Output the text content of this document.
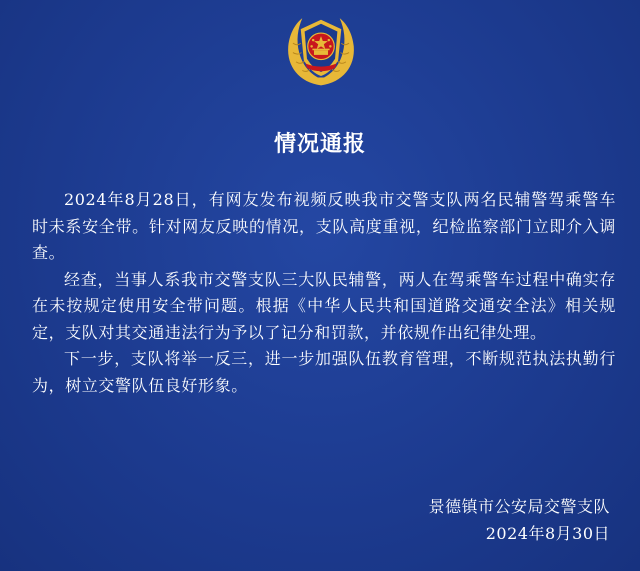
情况通报

2024年8月28日，有网友发布视频反映我市交警支队两名民辅警驾乘警车时未系安全带。针对网友反映的情况，支队高度重视，纪检监察部门立即介入调查。

经查，当事人系我市交警支队三大队民辅警，两人在驾乘警车过程中确实存在未按规定使用安全带问题。根据《中华人民共和国道路交通安全法》相关规定，支队对其交通违法行为予以了记分和罚款，并依规作出纪律处理。

下一步，支队将举一反三，进一步加强队伍教育管理，不断规范执法执勤行为，树立交警队伍良好形象。

景德镇市公安局交警支队
2024年8月30日
